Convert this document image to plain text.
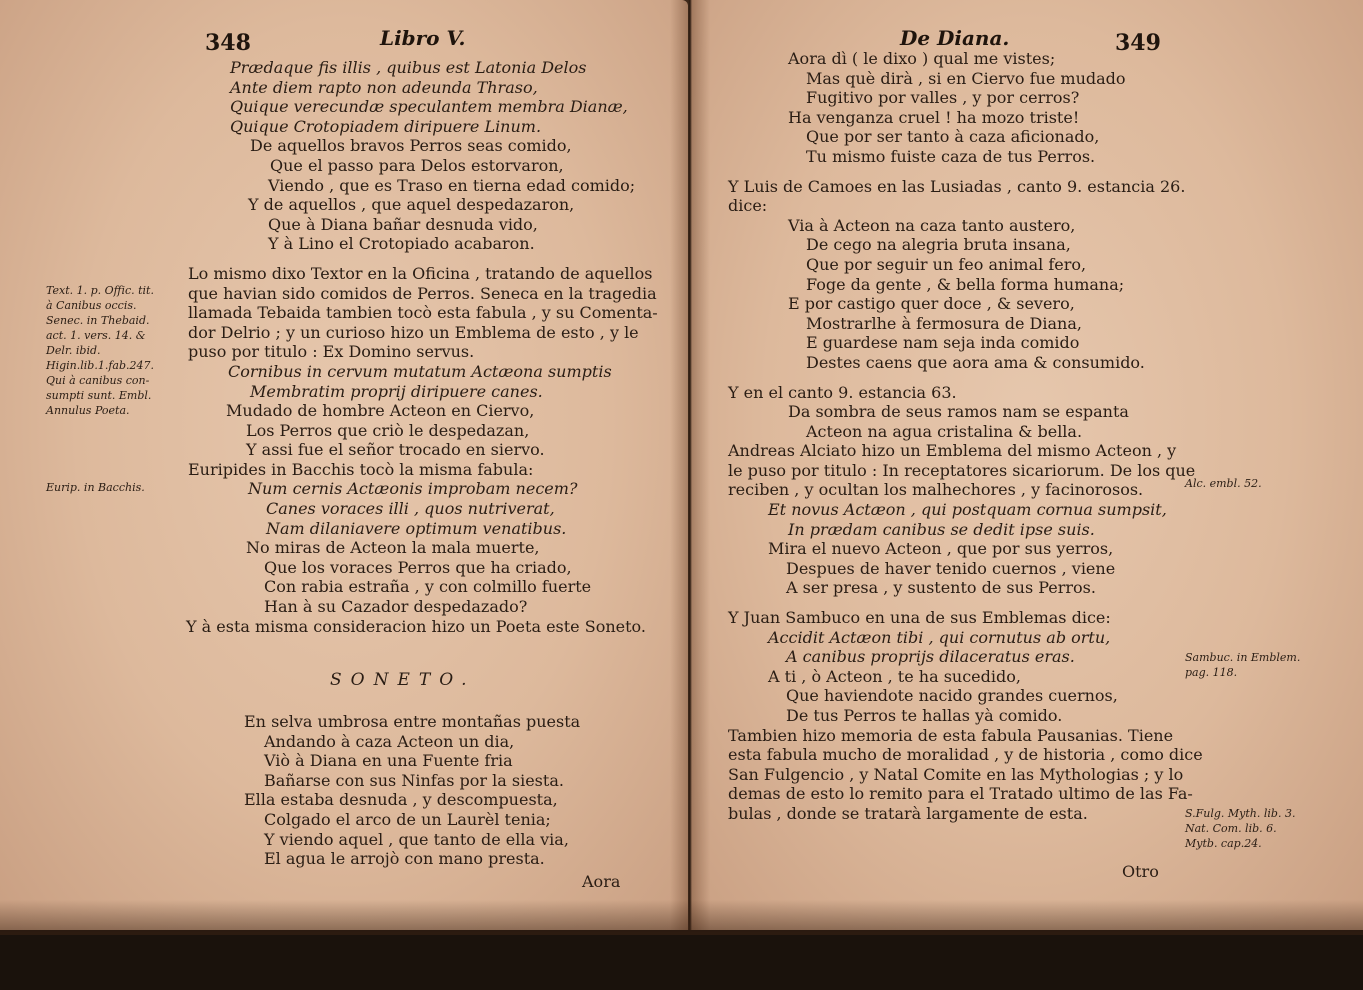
348	Libro V.
Prædaque fis illis , quibus est Latonia Delos
Ante diem rapto non adeunda Thraso,
Quique verecundæ speculantem membra Dianæ,
Quique Crotopiadem diripuere Linum.
De aquellos bravos Perros seas comido,
Que el passo para Delos estorvaron,
Viendo , que es Traso en tierna edad comido;
Y de aquellos , que aquel despedazaron,
Que à Diana bañar desnuda vido,
Y à Lino el Crotopiado acabaron.
Lo mismo dixo Textor en la Oficina , tratando de aquellos
que havian sido comidos de Perros. Seneca en la tragedia
llamada Tebaida tambien tocò esta fabula , y su Comenta-
dor Delrio ; y un curioso hizo un Emblema de esto , y le
puso por titulo : Ex Domino servus.
Cornibus in cervum mutatum Actæona sumptis
Membratim proprij diripuere canes.
Mudado de hombre Acteon en Ciervo,
Los Perros que criò le despedazan,
Y assi fue el señor trocado en siervo.
Euripides in Bacchis tocò la misma fabula:
Num cernis Actæonis improbam necem?
Canes voraces illi , quos nutriverat,
Nam dilaniavere optimum venatibus.
No miras de Acteon la mala muerte,
Que los voraces Perros que ha criado,
Con rabia estraña , y con colmillo fuerte
Han à su Cazador despedazado?
Y à esta misma consideracion hizo un Poeta este Soneto.
SONETO.
En selva umbrosa entre montañas puesta
Andando à caza Acteon un dia,
Viò à Diana en una Fuente fria
Bañarse con sus Ninfas por la siesta.
Ella estaba desnuda , y descompuesta,
Colgado el arco de un Laurèl tenia;
Y viendo aquel , que tanto de ella via,
El agua le arrojò con mano presta.
Aora
Text. 1. p. Offic. tit.
à Canibus occis.
Senec. in Thebaid.
act. 1. vers. 14. &
Delr. ibid.
Higin.lib.1.fab.247.
Qui à canibus con-
sumpti sunt. Embl.
Annulus Poeta.
Eurip. in Bacchis.
De Diana.	349
Aora dì ( le dixo ) qual me vistes;
Mas què dirà , si en Ciervo fue mudado
Fugitivo por valles , y por cerros?
Ha venganza cruel ! ha mozo triste!
Que por ser tanto à caza aficionado,
Tu mismo fuiste caza de tus Perros.
Y Luis de Camoes en las Lusiadas , canto 9. estancia 26.
dice:
Via à Acteon na caza tanto austero,
De cego na alegria bruta insana,
Que por seguir un feo animal fero,
Foge da gente , & bella forma humana;
E por castigo quer doce , & severo,
Mostrarlhe à fermosura de Diana,
E guardese nam seja inda comido
Destes caens que aora ama & consumido.
Y en el canto 9. estancia 63.
Da sombra de seus ramos nam se espanta
Acteon na agua cristalina & bella.
Andreas Alciato hizo un Emblema del mismo Acteon , y
le puso por titulo : In receptatores sicariorum. De los que
reciben , y ocultan los malhechores , y facinorosos.
Et novus Actæon , qui postquam cornua sumpsit,
In prædam canibus se dedit ipse suis.
Mira el nuevo Acteon , que por sus yerros,
Despues de haver tenido cuernos , viene
A ser presa , y sustento de sus Perros.
Y Juan Sambuco en una de sus Emblemas dice:
Accidit Actæon tibi , qui cornutus ab ortu,
A canibus proprijs dilaceratus eras.
A ti , ò Acteon , te ha sucedido,
Que haviendote nacido grandes cuernos,
De tus Perros te hallas yà comido.
Tambien hizo memoria de esta fabula Pausanias. Tiene
esta fabula mucho de moralidad , y de historia , como dice
San Fulgencio , y Natal Comite en las Mythologias ; y lo
demas de esto lo remito para el Tratado ultimo de las Fa-
bulas , donde se tratarà largamente de esta.
Otro
Alc. embl. 52.
Sambuc. in Emblem.
pag. 118.
S.Fulg. Myth. lib. 3.
Nat. Com. lib. 6.
Mytb. cap.24.
